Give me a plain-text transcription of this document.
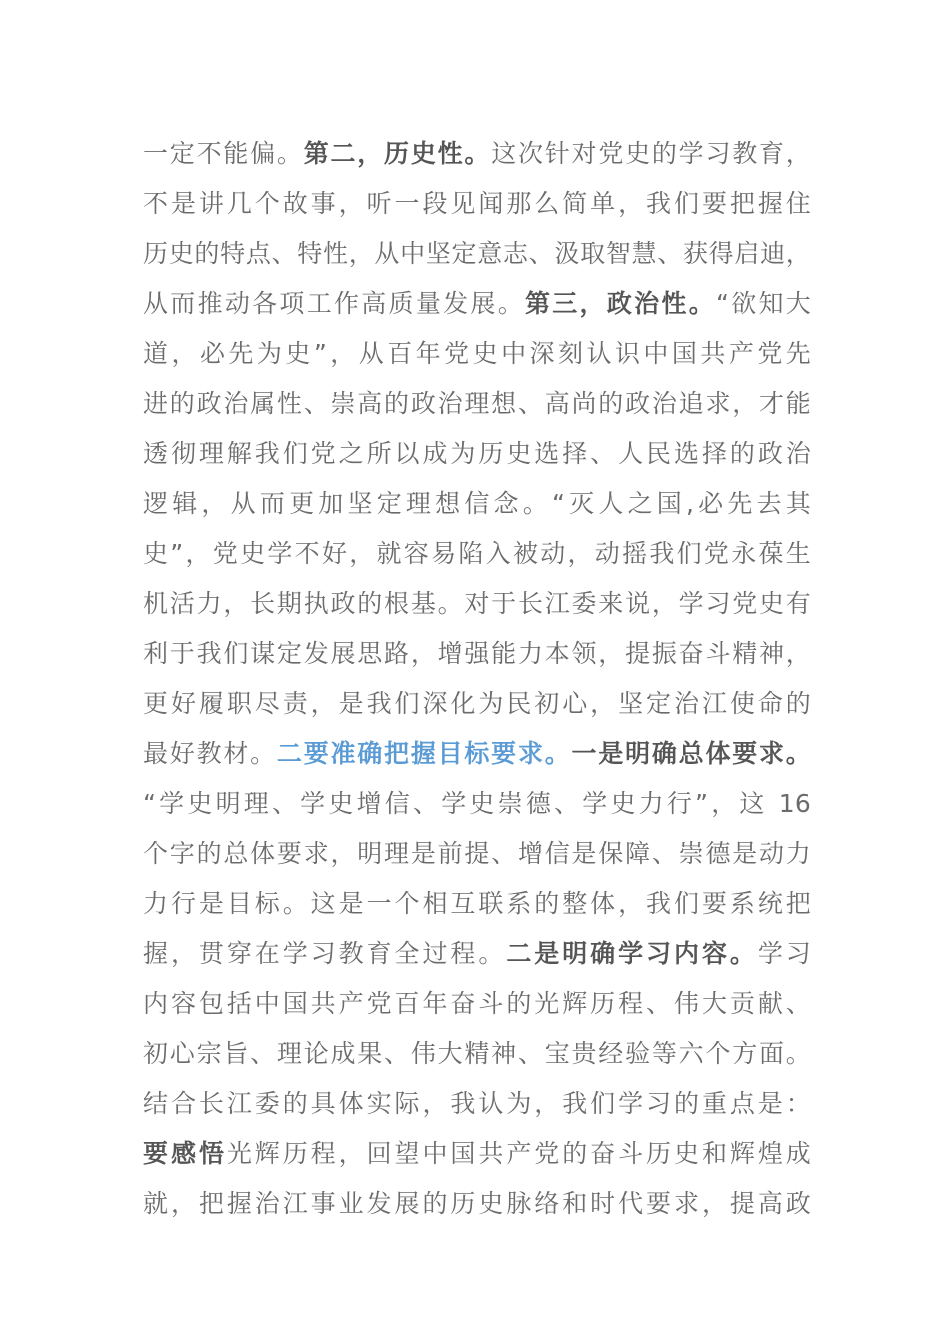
一定不能偏。第二，历史性。这次针对党史的学习教育，
不是讲几个故事，听一段见闻那么简单，我们要把握住
历史的特点、特性，从中坚定意志、汲取智慧、获得启迪，
从而推动各项工作高质量发展。第三，政治性。“欲知大
道，必先为史”，从百年党史中深刻认识中国共产党先
进的政治属性、崇高的政治理想、高尚的政治追求，才能
透彻理解我们党之所以成为历史选择、人民选择的政治
逻辑，从而更加坚定理想信念。“灭人之国,必先去其
史”，党史学不好，就容易陷入被动，动摇我们党永葆生
机活力，长期执政的根基。对于长江委来说，学习党史有
利于我们谋定发展思路，增强能力本领，提振奋斗精神，
更好履职尽责，是我们深化为民初心，坚定治江使命的
最好教材。二要准确把握目标要求。一是明确总体要求。
“学史明理、学史增信、学史崇德、学史力行”，这 16
个字的总体要求，明理是前提、增信是保障、崇德是动力
力行是目标。这是一个相互联系的整体，我们要系统把
握，贯穿在学习教育全过程。二是明确学习内容。学习
内容包括中国共产党百年奋斗的光辉历程、伟大贡献、
初心宗旨、理论成果、伟大精神、宝贵经验等六个方面。
结合长江委的具体实际，我认为，我们学习的重点是：
要感悟光辉历程，回望中国共产党的奋斗历史和辉煌成
就，把握治江事业发展的历史脉络和时代要求，提高政
